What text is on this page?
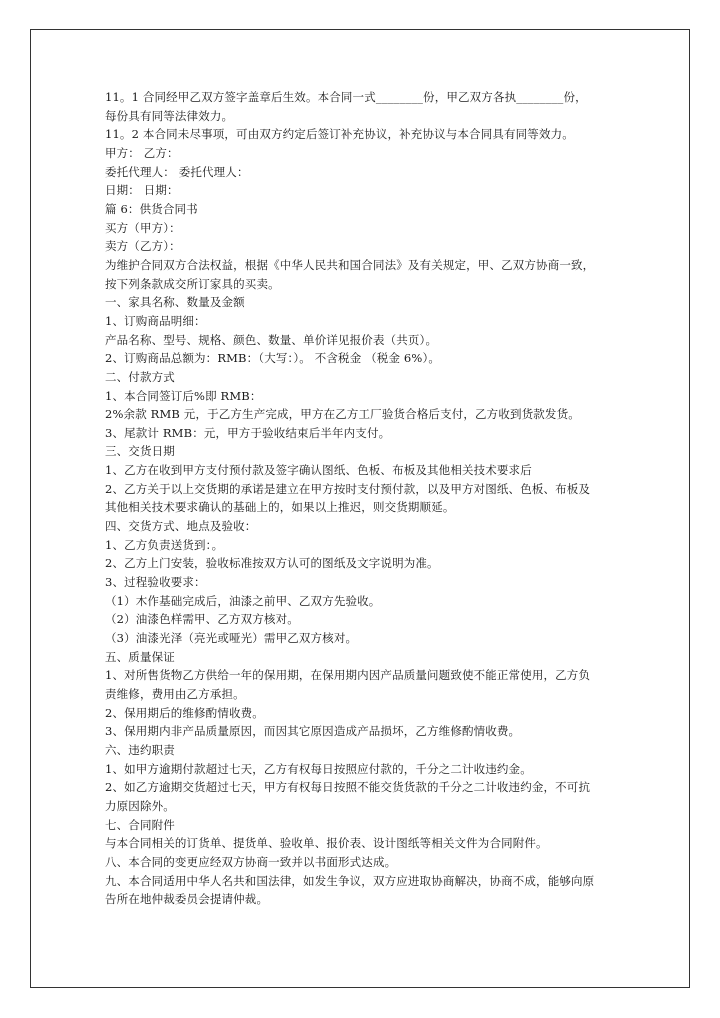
11。1 合同经甲乙双方签字盖章后生效。本合同一式________份，甲乙双方各执________份，
每份具有同等法律效力。
11。2 本合同未尽事项，可由双方约定后签订补充协议，补充协议与本合同具有同等效力。
甲方： 乙方：
委托代理人： 委托代理人：
日期： 日期：
篇 6：供货合同书
买方（甲方）：
卖方（乙方）：
为维护合同双方合法权益，根据《中华人民共和国合同法》及有关规定，甲、乙双方协商一致，
按下列条款成交所订家具的买卖。
一、家具名称、数量及金额
1、订购商品明细：
产品名称、型号、规格、颜色、数量、单价详见报价表（共页）。
2、订购商品总额为：RMB：（大写：）。 不含税金 （税金 6%）。
二、付款方式
1、本合同签订后%即 RMB：
2%余款 RMB 元，于乙方生产完成，甲方在乙方工厂验货合格后支付，乙方收到货款发货。
3、尾款计 RMB：元，甲方于验收结束后半年内支付。
三、交货日期
1、乙方在收到甲方支付预付款及签字确认图纸、色板、布板及其他相关技术要求后
2、乙方关于以上交货期的承诺是建立在甲方按时支付预付款，以及甲方对图纸、色板、布板及
其他相关技术要求确认的基础上的，如果以上推迟，则交货期顺延。
四、交货方式、地点及验收：
1、乙方负责送货到：。
2、乙方上门安装，验收标准按双方认可的图纸及文字说明为准。
3、过程验收要求：
（1）木作基础完成后，油漆之前甲、乙双方先验收。
（2）油漆色样需甲、乙方双方核对。
（3）油漆光泽（亮光或哑光）需甲乙双方核对。
五、质量保证
1、对所售货物乙方供给一年的保用期，在保用期内因产品质量问题致使不能正常使用，乙方负
责维修，费用由乙方承担。
2、保用期后的维修酌情收费。
3、保用期内非产品质量原因，而因其它原因造成产品损坏，乙方维修酌情收费。
六、违约职责
1、如甲方逾期付款超过七天，乙方有权每日按照应付款的，千分之二计收违约金。
2、如乙方逾期交货超过七天，甲方有权每日按照不能交货货款的千分之二计收违约金，不可抗
力原因除外。
七、合同附件
与本合同相关的订货单、提货单、验收单、报价表、设计图纸等相关文件为合同附件。
八、本合同的变更应经双方协商一致并以书面形式达成。
九、本合同适用中华人名共和国法律，如发生争议，双方应进取协商解决，协商不成，能够向原
告所在地仲裁委员会提请仲裁。
